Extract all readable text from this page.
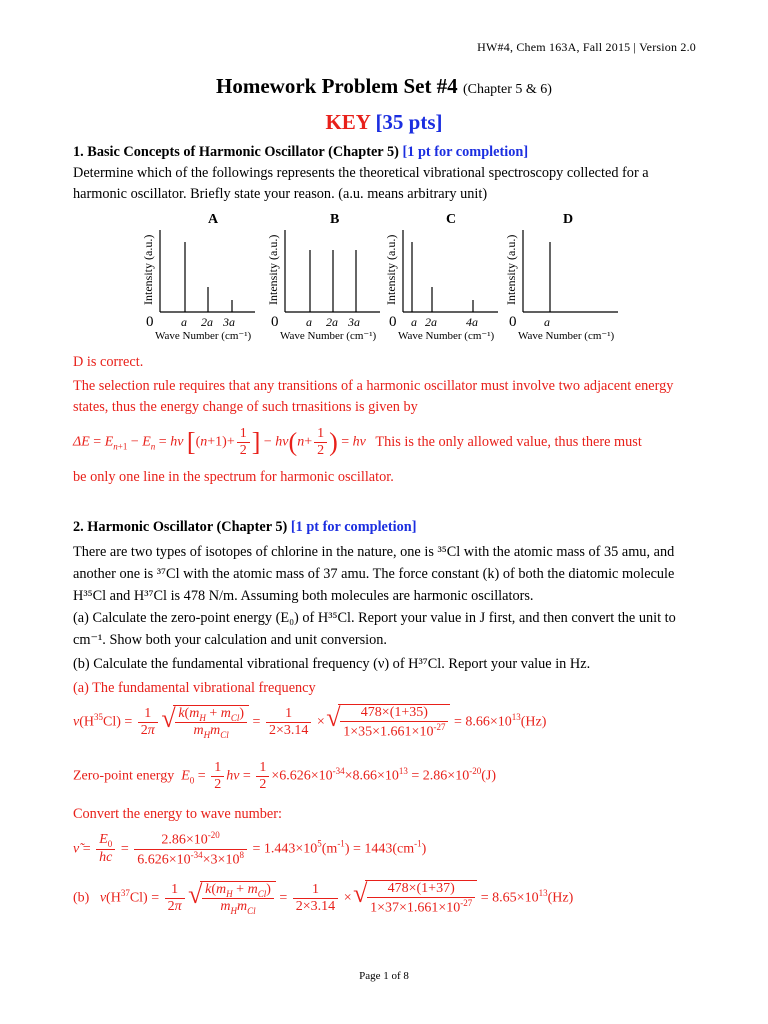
HW#4, Chem 163A, Fall 2015 | Version 2.0
Homework Problem Set #4 (Chapter 5 & 6)
KEY [35 pts]
1. Basic Concepts of Harmonic Oscillator (Chapter 5) [1 pt for completion]
Determine which of the followings represents the theoretical vibrational spectroscopy collected for a harmonic oscillator. Briefly state your reason. (a.u. means arbitrary unit)
A
Intensity (a.u.)
0 a 2a 3a
Wave Number (cm⁻¹)
B
Intensity (a.u.)
0 a 2a 3a
Wave Number (cm⁻¹)
C
Intensity (a.u.)
0 a 2a 4a
Wave Number (cm⁻¹)
D
Intensity (a.u.)
0 a
Wave Number (cm⁻¹)
D is correct.
The selection rule requires that any transitions of a harmonic oscillator must involve two adjacent energy states, thus the energy change of such trnasitions is given by
$\Delta E = E_{n+1} - E_n = h\nu$ [$(n+1)+ \frac{1}{2}$ ] − $h\nu(n+ \frac{1}{2}$ ) = hν This is the only allowed value, thus there must
be only one line in the spectrum for harmonic oscillator.
2. Harmonic Oscillator (Chapter 5) [1 pt for completion]
There are two types of isotopes of chlorine in the nature, one is ³⁵Cl with the atomic mass of 35 amu, and another one is ³⁷Cl with the atomic mass of 37 amu. The force constant (k) of both the diatomic molecule H³⁵Cl and H³⁷Cl is 478 N/m. Assuming both molecules are harmonic oscillators.
(a) Calculate the zero-point energy (E₀) of H³⁵Cl. Report your value in J first, and then convert the unit to cm⁻¹. Show both your calculation and unit conversion.
(b) Calculate the fundamental vibrational frequency (ν) of H³⁷Cl. Report your value in Hz.
(a) The fundamental vibrational frequency
$\nu(H^{35}Cl) = \frac{1}{2\pi}$
√ $\frac{k(m_H + m_{Cl})}{m_Hm_{Cl}} = \frac{1}{2\times 3.14}$ × √ $\frac{478\times(1+35)}{1\times 35\times 1.661\times 10^{-27}} = 8.66\times 10^{13}(Hz)$
Zero-point energy $E_0 = \frac{1}{2}$ $h\nu = \frac{1}{2} \times 6.626\times 10^{-34}\times 8.66\times 10^{13} = 2.86\times 10^{-20}(J)$
Convert the energy to wave number:
ν̃ = $\frac{E_0}{hc} = \frac{2.86\times 10^{-20}}{6.626\times 10^{-34}\times 3\times 10^8} = 1.443\times 10^5(m^{-1}) = 1443(cm^{-1})$
(b) $\nu(H^{37}Cl) = \frac{1}{2\pi}$
√ $\frac{k(m_H + m_{Cl})}{m_Hm_{Cl}} = \frac{1}{2\times 3.14}$ × √ $\frac{478\times(1+37)}{1\times 37\times 1.661\times 10^{-27}} = 8.65\times 10^{13}(Hz)$
Page 1 of 8
